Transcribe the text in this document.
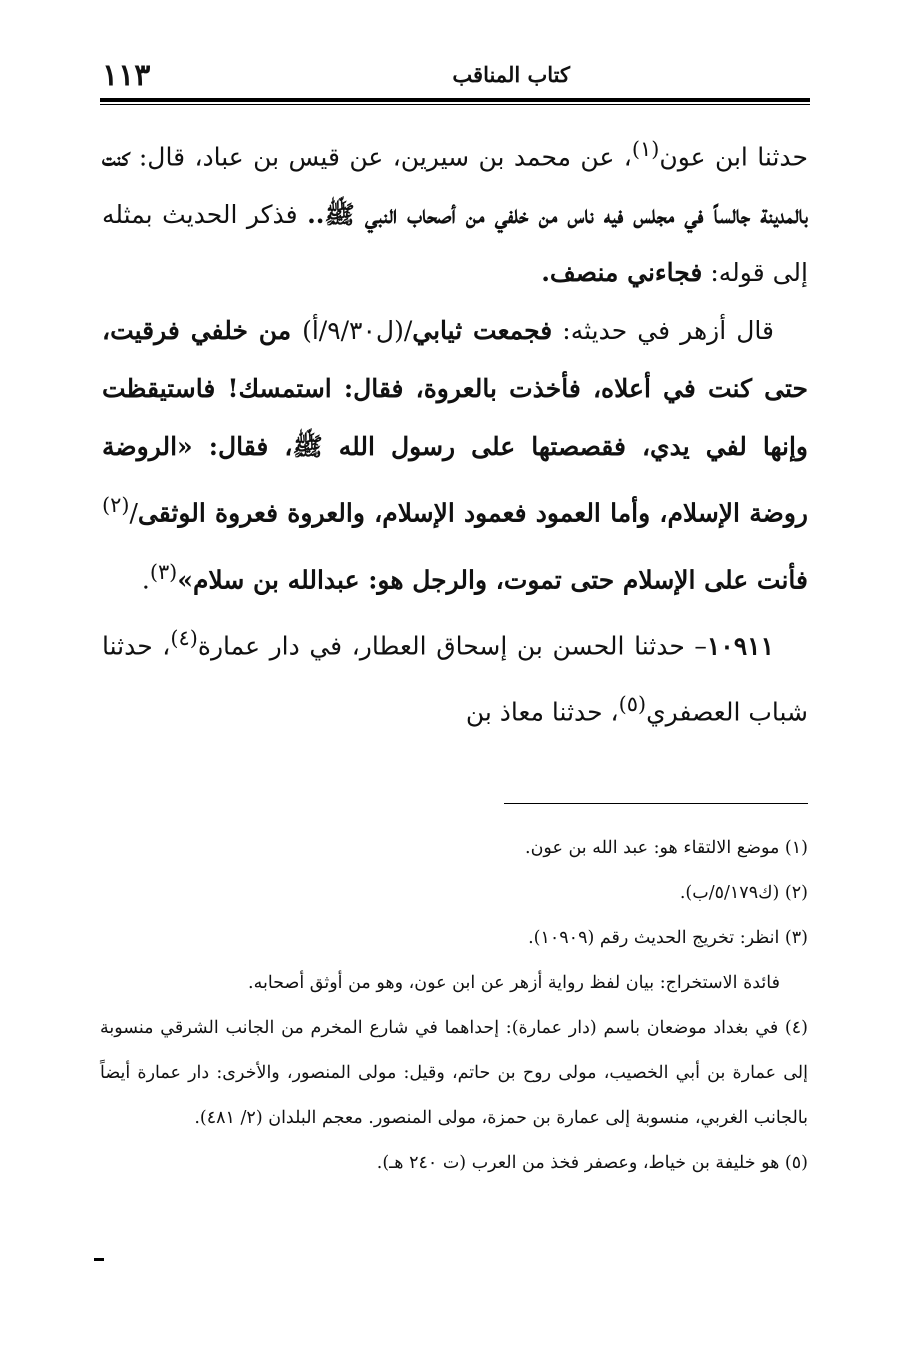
كتاب المناقب
١١٣

حدثنا ابن عون$^{(١)}$، عن محمد بن سيرين، عن قيس بن عباد، قال: كنت بالمدينة جالساً في مجلس فيه ناس من خلفي من أصحاب النبي ﷺ.. فذكر الحديث بمثله إلى قوله: فجاءني منصف.

قال أزهر في حديثه: فجمعت ثيابي/(ل٩/٣٠/أ) من خلفي فرقيت، حتى كنت في أعلاه، فأخذت بالعروة، فقال: استمسك! فاستيقظت وإنها لفي يدي، فقصصتها على رسول الله ﷺ، فقال: «الروضة روضة الإسلام، وأما العمود فعمود الإسلام، والعروة فعروة الوثقى/$^{(٢)}$ فأنت على الإسلام حتى تموت، والرجل هو: عبدالله بن سلام»$^{(٣)}$.

١٠٩١١– حدثنا الحسن بن إسحاق العطار، في دار عمارة$^{(٤)}$، حدثنا شباب العصفري$^{(٥)}$، حدثنا معاذ بن

(١) موضع الالتقاء هو: عبد الله بن عون.

(٢) (ك٥/١٧٩/ب).

(٣) انظر: تخريج الحديث رقم (١٠٩٠٩).

فائدة الاستخراج: بيان لفظ رواية أزهر عن ابن عون، وهو من أوثق أصحابه.

(٤) في بغداد موضعان باسم (دار عمارة): إحداهما في شارع المخرم من الجانب الشرقي منسوبة إلى عمارة بن أبي الخصيب، مولى روح بن حاتم، وقيل: مولى المنصور، والأخرى: دار عمارة أيضاً بالجانب الغربي، منسوبة إلى عمارة بن حمزة، مولى المنصور. معجم البلدان (٢/ ٤٨١).

(٥) هو خليفة بن خياط، وعصفر فخذ من العرب (ت ٢٤٠ هـ).
